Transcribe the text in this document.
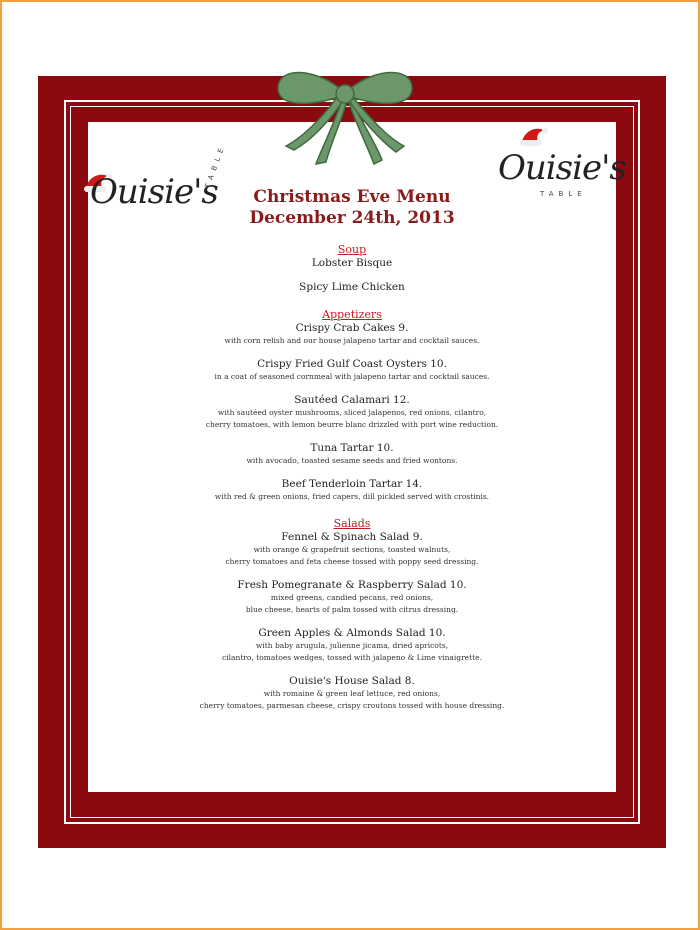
Ouisie's
TABLE	Ouisie's
TABLE
Christmas Eve Menu
December 24th, 2013
Soup

Lobster Bisque

Spicy Lime Chicken

Appetizers

Crispy Crab Cakes 9.

with corn relish and our house jalapeno tartar and cocktail sauces.

Crispy Fried Gulf Coast Oysters 10.

in a coat of seasoned cornmeal with jalapeno tartar and cocktail sauces.

Sautéed Calamari 12.

with sautéed oyster mushrooms, sliced jalapenos, red onions, cilantro,

cherry tomatoes, with lemon beurre blanc drizzled with port wine reduction.

Tuna Tartar 10.

with avocado, toasted sesame seeds and fried wontons.

Beef Tenderloin Tartar 14.

with red & green onions, fried capers, dill pickled served with crostinis.

Salads

Fennel & Spinach Salad 9.

with orange & grapefruit sections, toasted walnuts,

cherry tomatoes and feta cheese tossed with poppy seed dressing.

Fresh Pomegranate & Raspberry Salad 10.

mixed greens, candied pecans, red onions,

blue cheese, hearts of palm tossed with citrus dressing.

Green Apples & Almonds Salad 10.

with baby arugula, julienne jicama, dried apricots,

cilantro, tomatoes wedges, tossed with jalapeno & Lime vinaigrette.

Ouisie's House Salad 8.

with romaine & green leaf lettuce, red onions,

cherry tomatoes, parmesan cheese, crispy croutons tossed with house dressing.
